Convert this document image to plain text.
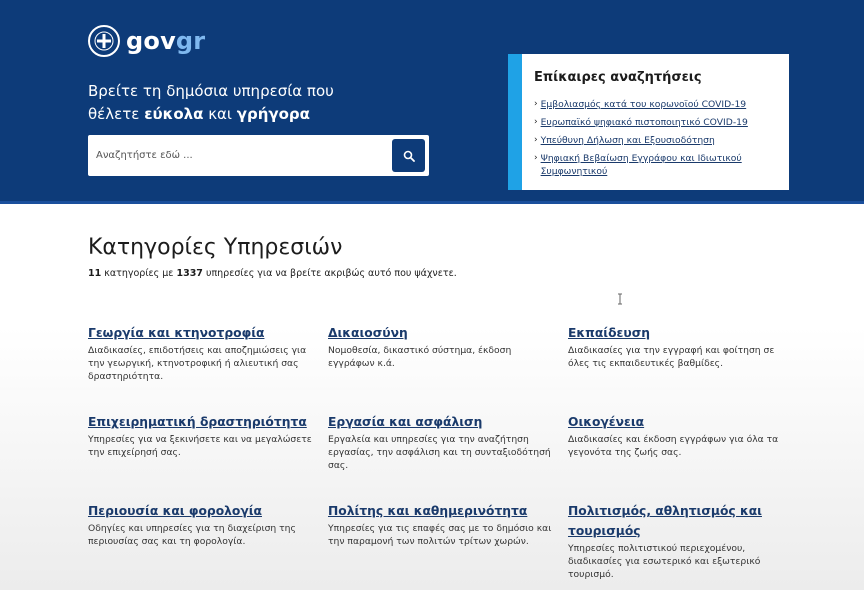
govgr
Βρείτε τη δημόσια υπηρεσία που
θέλετε εύκολα και γρήγορα
Αναζητήστε εδώ ...
Επίκαιρες αναζητήσεις
› Εμβολιασμός κατά του κορωνοϊού COVID-19
› Ευρωπαϊκό ψηφιακό πιστοποιητικό COVID-19
› Υπεύθυνη Δήλωση και Εξουσιοδότηση
› Ψηφιακή Βεβαίωση Εγγράφου και Ιδιωτικού Συμφωνητικού
Κατηγορίες Υπηρεσιών
11 κατηγορίες με 1337 υπηρεσίες για να βρείτε ακριβώς αυτό που ψάχνετε.
Γεωργία και κτηνοτροφία
Διαδικασίες, επιδοτήσεις και αποζημιώσεις για την γεωργική, κτηνοτροφική ή αλιευτική σας δραστηριότητα.
Δικαιοσύνη
Νομοθεσία, δικαστικό σύστημα, έκδοση εγγράφων κ.ά.
Εκπαίδευση
Διαδικασίες για την εγγραφή και φοίτηση σε όλες τις εκπαιδευτικές βαθμίδες.
Επιχειρηματική δραστηριότητα
Υπηρεσίες για να ξεκινήσετε και να μεγαλώσετε την επιχείρησή σας.
Εργασία και ασφάλιση
Εργαλεία και υπηρεσίες για την αναζήτηση εργασίας, την ασφάλιση και τη συνταξιοδότησή σας.
Οικογένεια
Διαδικασίες και έκδοση εγγράφων για όλα τα γεγονότα της ζωής σας.
Περιουσία και φορολογία
Οδηγίες και υπηρεσίες για τη διαχείριση της περιουσίας σας και τη φορολογία.
Πολίτης και καθημερινότητα
Υπηρεσίες για τις επαφές σας με το δημόσιο και την παραμονή των πολιτών τρίτων χωρών.
Πολιτισμός, αθλητισμός και τουρισμός
Υπηρεσίες πολιτιστικού περιεχομένου, διαδικασίες για εσωτερικό και εξωτερικό τουρισμό.
